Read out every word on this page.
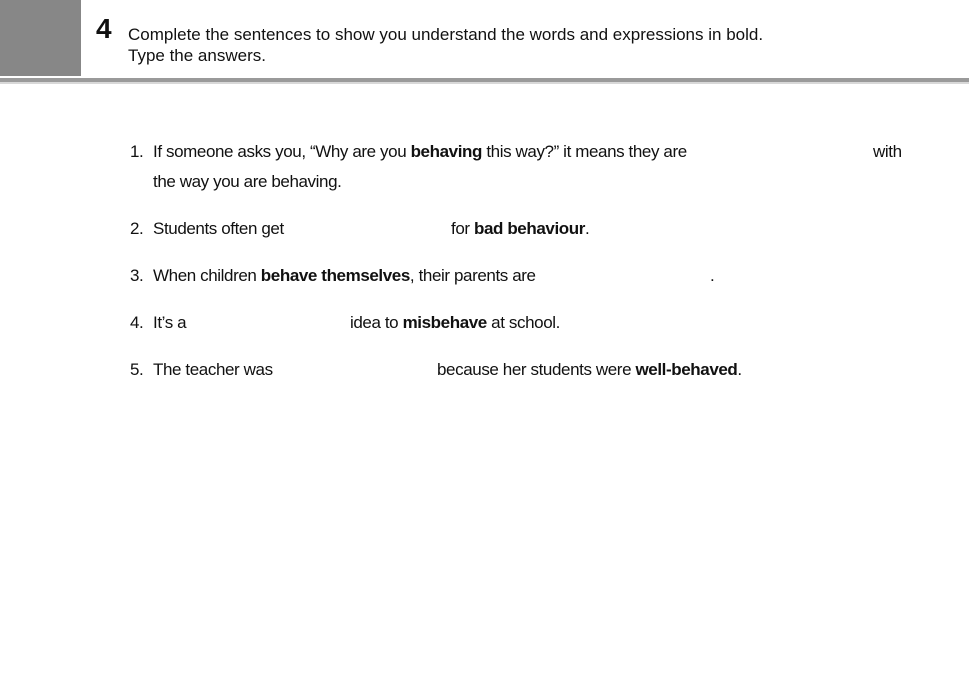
4 Complete the sentences to show you understand the words and expressions in bold.
Type the answers.
1. If someone asks you, “Why are you behaving this way?” it means they are	with
the way you are behaving.
2. Students often get	for bad behaviour.
3. When children behave themselves, their parents are	.
4. It’s a	idea to misbehave at school.
5. The teacher was	because her students were well-behaved.
